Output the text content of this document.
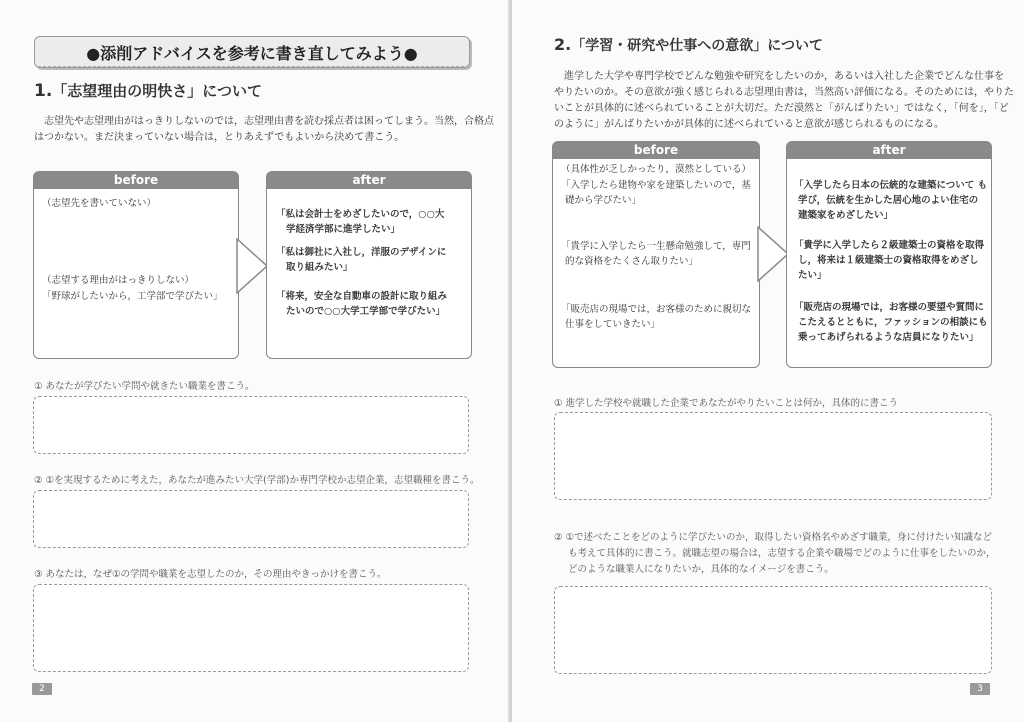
●添削アドバイスを参考に書き直してみよう●
1.「志望理由の明快さ」について
志望先や志望理由がはっきりしないのでは，志望理由書を読む採点者は困ってしまう。当然，合格点
はつかない。まだ決まっていない場合は，とりあえずでもよいから決めて書こう。
before
（志望先を書いていない）
（志望する理由がはっきりしない）
「野球がしたいから，工学部で学びたい」
after
「私は会計士をめざしたいので，○○大
学経済学部に進学したい」
「私は御社に入社し，洋服のデザインに
取り組みたい」
「将来，安全な自動車の設計に取り組み
たいので○○大学工学部で学びたい」
① あなたが学びたい学問や就きたい職業を書こう。
② ①を実現するために考えた，あなたが進みたい大学(学部)か専門学校か志望企業，志望職種を書こう。
③ あなたは，なぜ①の学問や職業を志望したのか，その理由やきっかけを書こう。
2
2.「学習・研究や仕事への意欲」について
進学した大学や専門学校でどんな勉強や研究をしたいのか，あるいは入社した企業でどんな仕事を
やりたいのか。その意欲が強く感じられる志望理由書は，当然高い評価になる。そのためには，やりた
いことが具体的に述べられていることが大切だ。ただ漠然と「がんばりたい」ではなく，「何を」，「ど
のように」がんばりたいかが具体的に述べられていると意欲が感じられるものになる。
before
（具体性が乏しかったり，漠然としている）
「入学したら建物や家を建築したいので，基
礎から学びたい」
「貴学に入学したら一生懸命勉強して，専門
的な資格をたくさん取りたい」
「販売店の現場では，お客様のために親切な
仕事をしていきたい」
after
「入学したら日本の伝統的な建築について も
学び，伝統を生かした居心地のよい住宅の
建築家をめざしたい」
「貴学に入学したら２級建築士の資格を取得
し，将来は１級建築士の資格取得をめざし
たい」
「販売店の現場では，お客様の要望や質問に
こたえるとともに，ファッションの相談にも
乗ってあげられるような店員になりたい」
① 進学した学校や就職した企業であなたがやりたいことは何か，具体的に書こう
② ①で述べたことをどのように学びたいのか，取得したい資格名やめざす職業，身に付けたい知識など
も考えて具体的に書こう。就職志望の場合は，志望する企業や職場でどのように仕事をしたいのか，
どのような職業人になりたいか，具体的なイメージを書こう。
3
